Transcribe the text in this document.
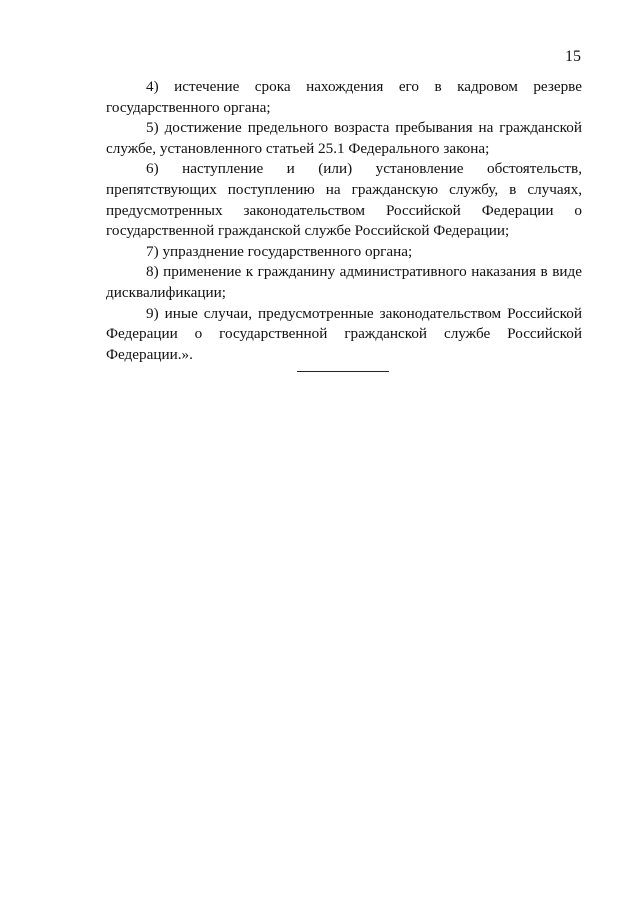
15

4) истечение срока нахождения его в кадровом резерве государственного органа;

5) достижение предельного возраста пребывания на гражданской службе, установленного статьей 25.1 Федерального закона;

6) наступление и (или) установление обстоятельств, препятствующих поступлению на гражданскую службу, в случаях, предусмотренных законодательством Российской Федерации о государственной гражданской службе Российской Федерации;

7) упразднение государственного органа;

8) применение к гражданину административного наказания в виде дисквалификации;

9) иные случаи, предусмотренные законодательством Российской Федерации о государственной гражданской службе Российской Федерации.».
